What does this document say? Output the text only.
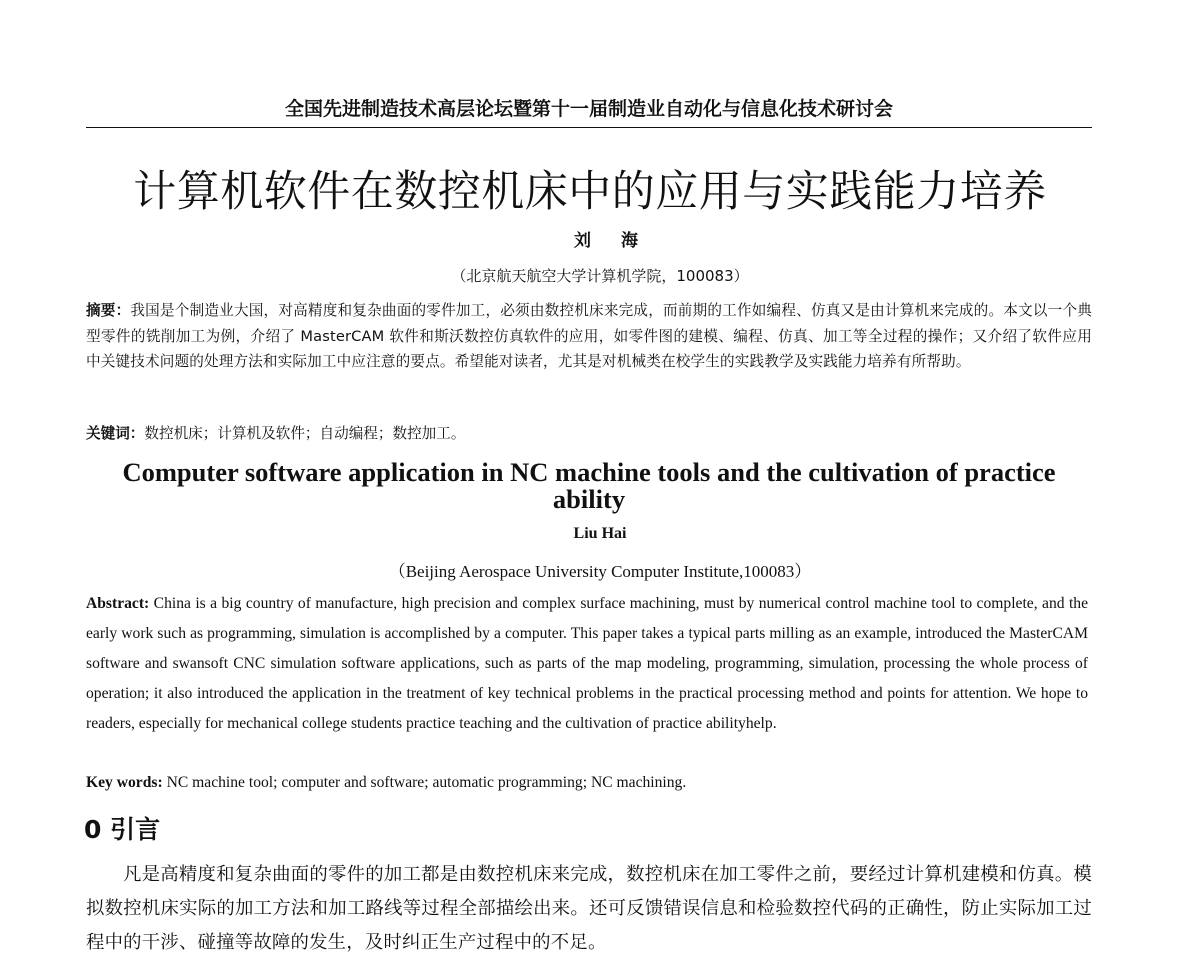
全国先进制造技术高层论坛暨第十一届制造业自动化与信息化技术研讨会
计算机软件在数控机床中的应用与实践能力培养
刘 海
（北京航天航空大学计算机学院，100083）

摘要：我国是个制造业大国，对高精度和复杂曲面的零件加工，必须由数控机床来完成，而前期的工作如编程、仿真又是由计算机来完成的。本文以一个典型零件的铣削加工为例，介绍了 MasterCAM 软件和斯沃数控仿真软件的应用，如零件图的建模、编程、仿真、加工等全过程的操作；又介绍了软件应用中关键技术问题的处理方法和实际加工中应注意的要点。希望能对读者，尤其是对机械类在校学生的实践教学及实践能力培养有所帮助。

关键词：数控机床；计算机及软件；自动编程；数控加工。

Computer software application in NC machine tools and the cultivation of practice ability

Liu Hai
（Beijing Aerospace University Computer Institute,100083）

Abstract: China is a big country of manufacture, high precision and complex surface machining, must by numerical control machine tool to complete, and the early work such as programming, simulation is accomplished by a computer. This paper takes a typical parts milling as an example, introduced the MasterCAM software and swansoft CNC simulation software applications, such as parts of the map modeling, programming, simulation, processing the whole process of operation; it also introduced the application in the treatment of key technical problems in the practical processing method and points for attention. We hope to readers, especially for mechanical college students practice teaching and the cultivation of practice abilityhelp.

Key words: NC machine tool; computer and software; automatic programming; NC machining.

0 引言

凡是高精度和复杂曲面的零件的加工都是由数控机床来完成，数控机床在加工零件之前，要经过计算机建模和仿真。模拟数控机床实际的加工方法和加工路线等过程全部描绘出来。还可反馈错误信息和检验数控代码的正确性，防止实际加工过程中的干涉、碰撞等故障的发生，及时纠正生产过程中的不足。
